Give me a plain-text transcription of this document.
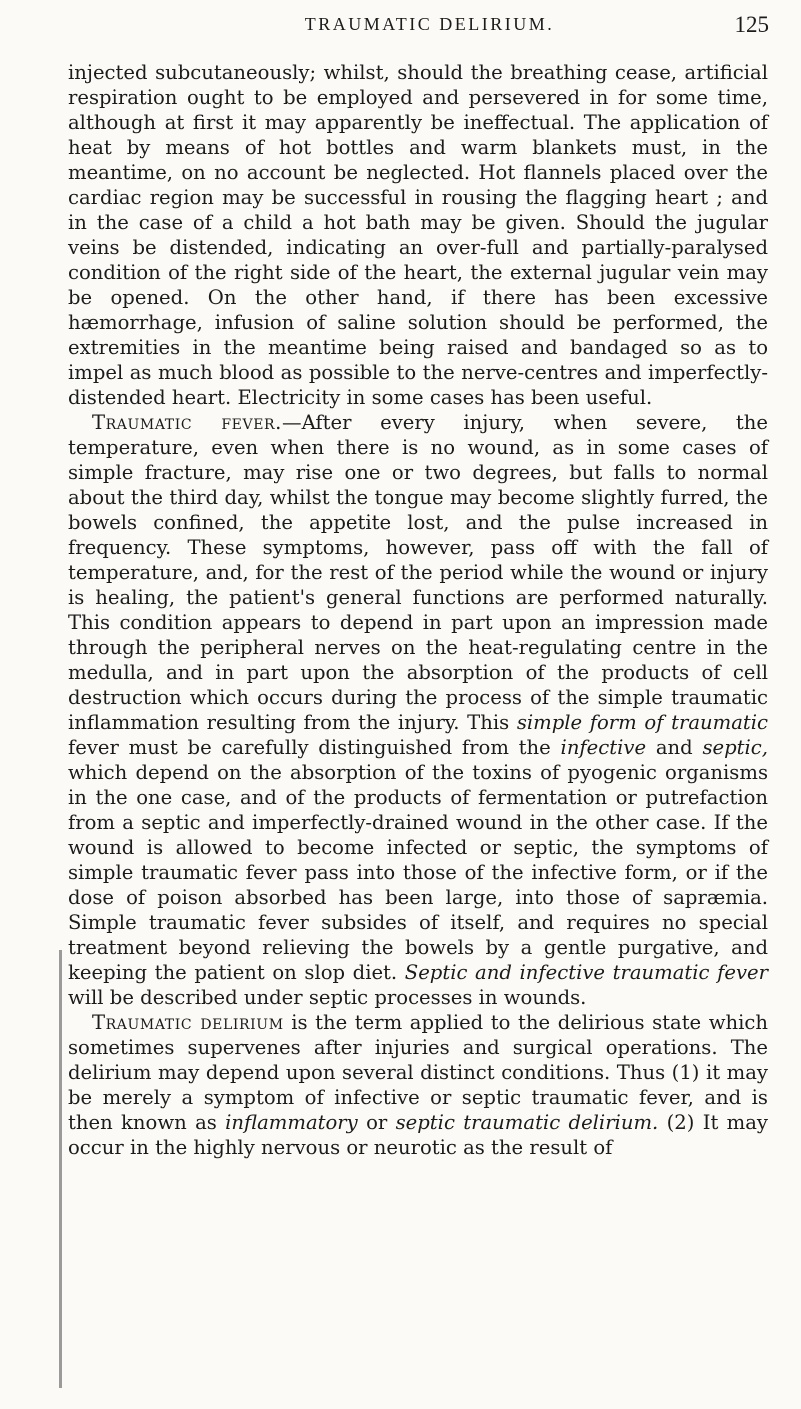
TRAUMATIC DELIRIUM.	125

injected subcutaneously; whilst, should the breathing cease, artificial respiration ought to be employed and persevered in for some time, although at first it may apparently be ineffectual. The application of heat by means of hot bottles and warm blankets must, in the meantime, on no account be neglected. Hot flannels placed over the cardiac region may be successful in rousing the flagging heart ; and in the case of a child a hot bath may be given. Should the jugular veins be distended, indicating an over-full and partially-paralysed condition of the right side of the heart, the external jugular vein may be opened. On the other hand, if there has been excessive hæmorrhage, infusion of saline solution should be performed, the extremities in the meantime being raised and bandaged so as to impel as much blood as possible to the nerve-centres and imperfectly-distended heart. Electricity in some cases has been useful.

Traumatic fever.—After every injury, when severe, the temperature, even when there is no wound, as in some cases of simple fracture, may rise one or two degrees, but falls to normal about the third day, whilst the tongue may become slightly furred, the bowels confined, the appetite lost, and the pulse increased in frequency. These symptoms, however, pass off with the fall of temperature, and, for the rest of the period while the wound or injury is healing, the patient's general functions are performed naturally. This condition appears to depend in part upon an impression made through the peripheral nerves on the heat-regulating centre in the medulla, and in part upon the absorption of the products of cell destruction which occurs during the process of the simple traumatic inflammation resulting from the injury. This simple form of traumatic fever must be carefully distinguished from the infective and septic, which depend on the absorption of the toxins of pyogenic organisms in the one case, and of the products of fermentation or putrefaction from a septic and imperfectly-drained wound in the other case. If the wound is allowed to become infected or septic, the symptoms of simple traumatic fever pass into those of the infective form, or if the dose of poison absorbed has been large, into those of sapræmia. Simple traumatic fever subsides of itself, and requires no special treatment beyond relieving the bowels by a gentle purgative, and keeping the patient on slop diet. Septic and infective traumatic fever will be described under septic processes in wounds.

Traumatic delirium is the term applied to the delirious state which sometimes supervenes after injuries and surgical operations. The delirium may depend upon several distinct conditions. Thus (1) it may be merely a symptom of infective or septic traumatic fever, and is then known as inflammatory or septic traumatic delirium. (2) It may occur in the highly nervous or neurotic as the result of
